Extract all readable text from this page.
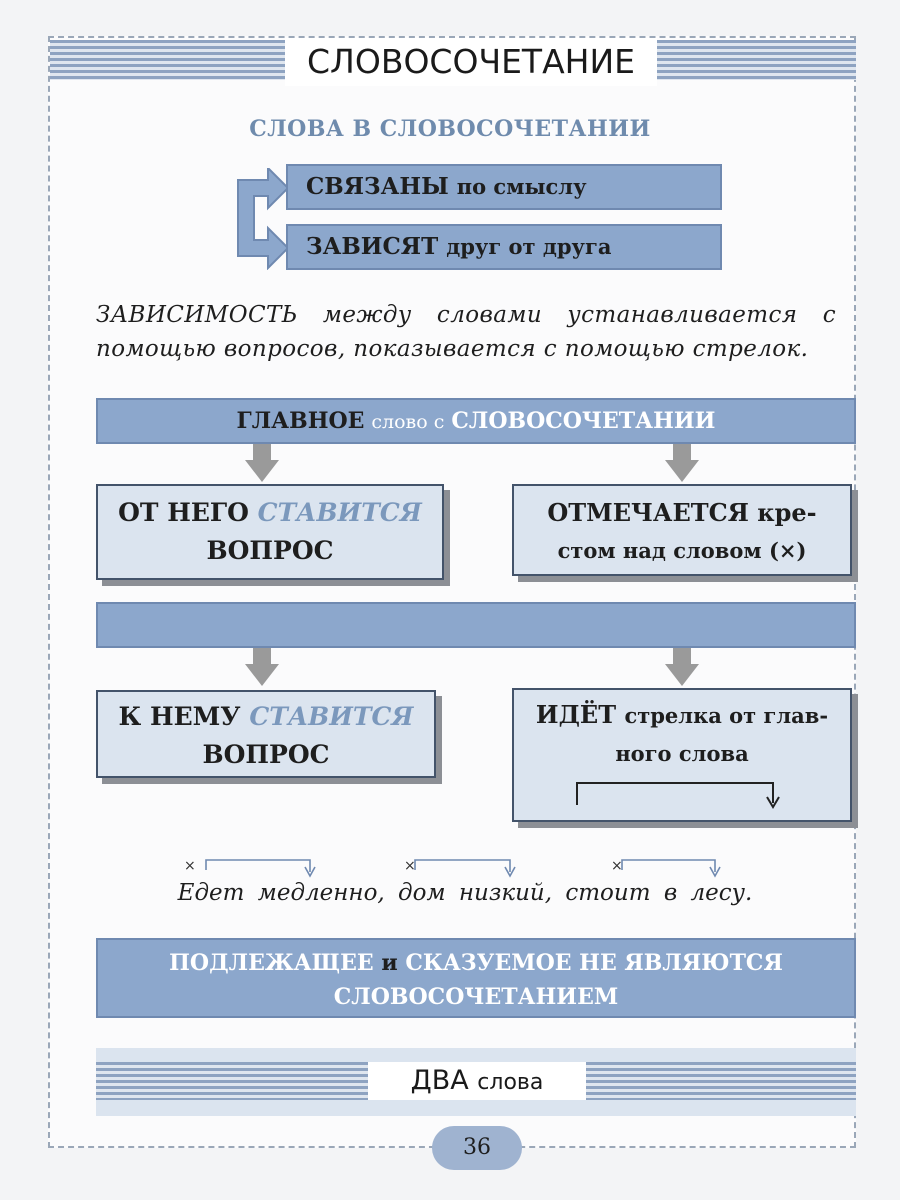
СЛОВОСОЧЕТАНИЕ
СЛОВА В СЛОВОСОЧЕТАНИИ
СВЯЗАНЫ по смыслу
ЗАВИСЯТ друг от друга
ЗАВИСИМОСТЬ между словами устанавливается с помощью вопросов, показывается с помощью стрелок.
ГЛАВНОЕ слово с СЛОВОСОЧЕТАНИИ
ОТ НЕГО СТАВИТСЯ
ВОПРОС
ОТМЕЧАЕТСЯ кре-
стом над словом (×)
К НЕМУ СТАВИТСЯ
ВОПРОС
ИДЁТ стрелка от глав-
ного слова
×	×	×
Едет медленно, дом низкий, стоит в лесу.
ПОДЛЕЖАЩЕЕ и СКАЗУЕМОЕ НЕ ЯВЛЯЮТСЯ
СЛОВОСОЧЕТАНИЕМ
ДВА слова
36
